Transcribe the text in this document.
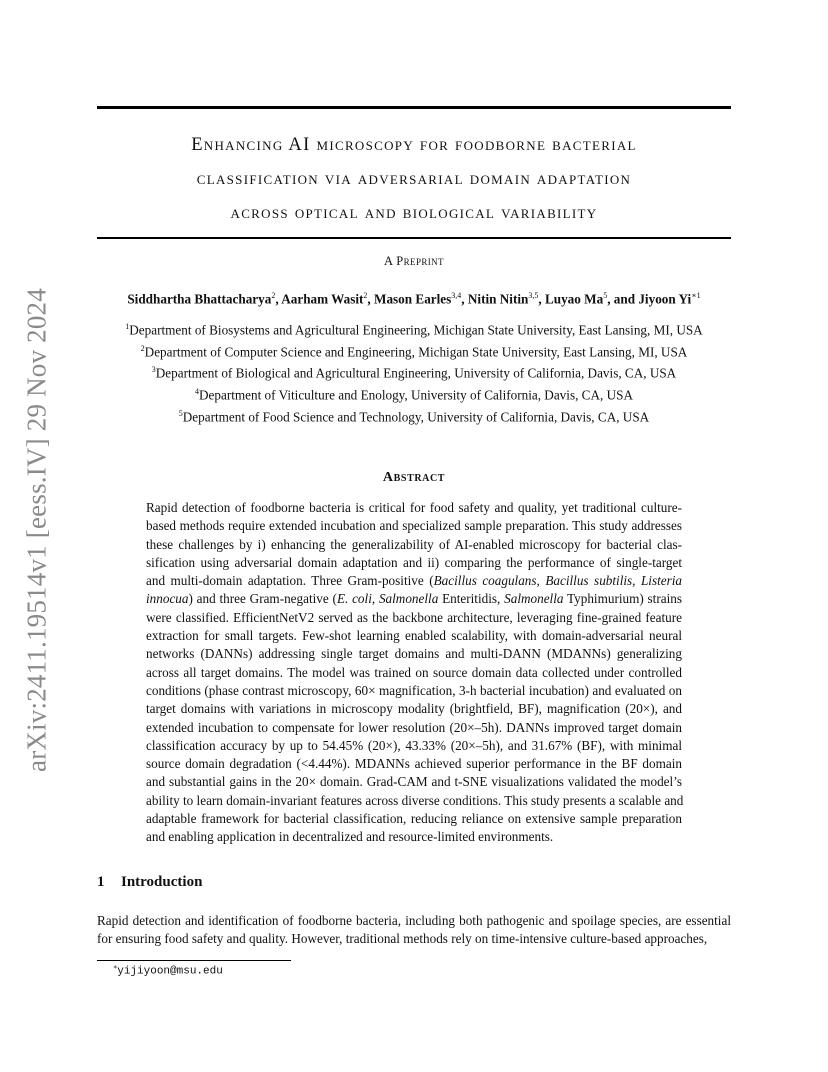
arXiv:2411.19514v1 [eess.IV] 29 Nov 2024
Enhancing AI microscopy for foodborne bacterial
classification via adversarial domain adaptation
across optical and biological variability
A Preprint
Siddhartha Bhattacharya$^2$, Aarham Wasit$^2$, Mason Earles$^{3,4}$, Nitin Nitin$^{3,5}$, Luyao Ma$^5$, and Jiyoon $Yi^{∗1}$
$^1$Department of Biosystems and Agricultural Engineering, Michigan State University, East Lansing, MI, USA
$^2$Department of Computer Science and Engineering, Michigan State University, East Lansing, MI, USA
$^3$Department of Biological and Agricultural Engineering, University of California, Davis, CA, USA
$^4$Department of Viticulture and Enology, University of California, Davis, CA, USA
$^5$Department of Food Science and Technology, University of California, Davis, CA, USA
Abstract
Rapid detection of foodborne bacteria is critical for food safety and quality, yet traditional culture-
based methods require extended incubation and specialized sample preparation. This study addresses
these challenges by i) enhancing the generalizability of AI-enabled microscopy for bacterial clas-
sification using adversarial domain adaptation and ii) comparing the performance of single-target
and multi-domain adaptation. Three Gram-positive (Bacillus coagulans, Bacillus subtilis, Listeria
innocua) and three Gram-negative (E. coli, Salmonella Enteritidis, Salmonella Typhimurium) strains
were classified. EfficientNetV2 served as the backbone architecture, leveraging fine-grained feature
extraction for small targets. Few-shot learning enabled scalability, with domain-adversarial neural
networks (DANNs) addressing single target domains and multi-DANN (MDANNs) generalizing
across all target domains. The model was trained on source domain data collected under controlled
conditions (phase contrast microscopy, 60× magnification, 3-h bacterial incubation) and evaluated on
target domains with variations in microscopy modality (brightfield, BF), magnification (20×), and
extended incubation to compensate for lower resolution (20×–5h). DANNs improved target domain
classification accuracy by up to 54.45% (20×), 43.33% (20×–5h), and 31.67% (BF), with minimal
source domain degradation (<4.44%). MDANNs achieved superior performance in the BF domain
and substantial gains in the 20× domain. Grad-CAM and t-SNE visualizations validated the model’s
ability to learn domain-invariant features across diverse conditions. This study presents a scalable and
adaptable framework for bacterial classification, reducing reliance on extensive sample preparation
and enabling application in decentralized and resource-limited environments.
1 Introduction
Rapid detection and identification of foodborne bacteria, including both pathogenic and spoilage species, are essential
for ensuring food safety and quality. However, traditional methods rely on time-intensive culture-based approaches,
∗yijiyoon@msu.edu
